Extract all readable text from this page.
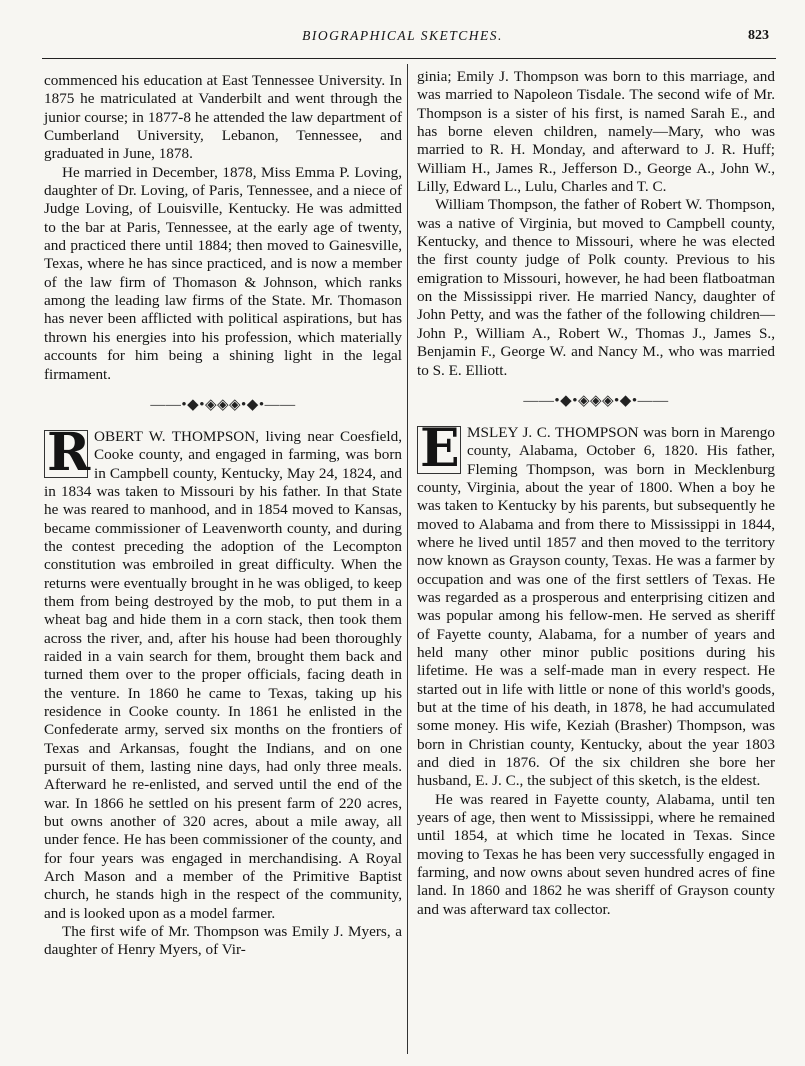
BIOGRAPHICAL SKETCHES.	823

commenced his education at East Tennessee University. In 1875 he matriculated at Vanderbilt and went through the junior course; in 1877-8 he attended the law department of Cumberland University, Lebanon, Tennessee, and graduated in June, 1878.

He married in December, 1878, Miss Emma P. Loving, daughter of Dr. Loving, of Paris, Tennessee, and a niece of Judge Loving, of Louisville, Kentucky. He was admitted to the bar at Paris, Tennessee, at the early age of twenty, and practiced there until 1884; then moved to Gainesville, Texas, where he has since practiced, and is now a member of the law firm of Thomason & Johnson, which ranks among the leading law firms of the State. Mr. Thomason has never been afflicted with political aspirations, but has thrown his energies into his profession, which materially accounts for him being a shining light in the legal firmament.

——•◆•◈◈◈•◆•——

R OBERT W. THOMPSON, living near Coesfield, Cooke county, and engaged in farming, was born in Campbell county, Kentucky, May 24, 1824, and in 1834 was taken to Missouri by his father. In that State he was reared to manhood, and in 1854 moved to Kansas, became commissioner of Leavenworth county, and during the contest preceding the adoption of the Lecompton constitution was embroiled in great difficulty. When the returns were eventually brought in he was obliged, to keep them from being destroyed by the mob, to put them in a wheat bag and hide them in a corn stack, then took them across the river, and, after his house had been thoroughly raided in a vain search for them, brought them back and turned them over to the proper officials, facing death in the venture. In 1860 he came to Texas, taking up his residence in Cooke county. In 1861 he enlisted in the Confederate army, served six months on the frontiers of Texas and Arkansas, fought the Indians, and on one pursuit of them, lasting nine days, had only three meals. Afterward he re-enlisted, and served until the end of the war. In 1866 he settled on his present farm of 220 acres, but owns another of 320 acres, about a mile away, all under fence. He has been commissioner of the county, and for four years was engaged in merchandising. A Royal Arch Mason and a member of the Primitive Baptist church, he stands high in the respect of the community, and is looked upon as a model farmer.

The first wife of Mr. Thompson was Emily J. Myers, a daughter of Henry Myers, of Vir-

ginia; Emily J. Thompson was born to this marriage, and was married to Napoleon Tisdale. The second wife of Mr. Thompson is a sister of his first, is named Sarah E., and has borne eleven children, namely—Mary, who was married to R. H. Monday, and afterward to J. R. Huff; William H., James R., Jefferson D., George A., John W., Lilly, Edward L., Lulu, Charles and T. C.

William Thompson, the father of Robert W. Thompson, was a native of Virginia, but moved to Campbell county, Kentucky, and thence to Missouri, where he was elected the first county judge of Polk county. Previous to his emigration to Missouri, however, he had been flatboatman on the Mississippi river. He married Nancy, daughter of John Petty, and was the father of the following children—John P., William A., Robert W., Thomas J., James S., Benjamin F., George W. and Nancy M., who was married to S. E. Elliott.

——•◆•◈◈◈•◆•——

E MSLEY J. C. THOMPSON was born in Marengo county, Alabama, October 6, 1820. His father, Fleming Thompson, was born in Mecklenburg county, Virginia, about the year of 1800. When a boy he was taken to Kentucky by his parents, but subsequently he moved to Alabama and from there to Mississippi in 1844, where he lived until 1857 and then moved to the territory now known as Grayson county, Texas. He was a farmer by occupation and was one of the first settlers of Texas. He was regarded as a prosperous and enterprising citizen and was popular among his fellow-men. He served as sheriff of Fayette county, Alabama, for a number of years and held many other minor public positions during his lifetime. He was a self-made man in every respect. He started out in life with little or none of this world's goods, but at the time of his death, in 1878, he had accumulated some money. His wife, Keziah (Brasher) Thompson, was born in Christian county, Kentucky, about the year 1803 and died in 1876. Of the six children she bore her husband, E. J. C., the subject of this sketch, is the eldest.

He was reared in Fayette county, Alabama, until ten years of age, then went to Mississippi, where he remained until 1854, at which time he located in Texas. Since moving to Texas he has been very successfully engaged in farming, and now owns about seven hundred acres of fine land. In 1860 and 1862 he was sheriff of Grayson county and was afterward tax collector.
